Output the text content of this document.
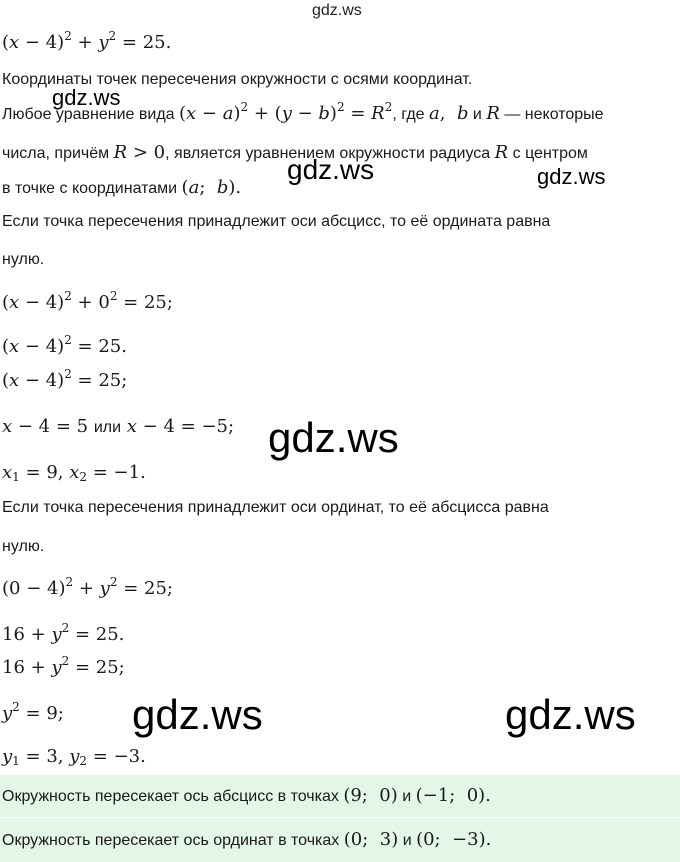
gdz.ws
$(x - 4)^2 + y^2 = 25$.
Координаты точек пересечения окружности с осями координат.
gdz.ws
Любое уравнение вида $(x - a)^2 + (y - b)^2 = R^2$, где a,  b и R — некоторые
числа, причём R > 0, является уравнением окружности радиуса R с центром
gdz.ws	gdz.ws
в точке с координатами (a;  b).
Если точка пересечения принадлежит оси абсцисс, то её ордината равна
нулю.
$(x - 4)^2 + 0^2 = 25$;
$(x - 4)^2 = 25$.
$(x - 4)^2 = 25$;
x − 4 = 5 или x − 4 = −5; gdz.ws
$x_1 = 9$, $x_2 = -1$.
Если точка пересечения принадлежит оси ординат, то её абсцисса равна
нулю.
$(0 - 4)^2 + y^2 = 25$;
$16 + y^2 = 25$.
$16 + y^2 = 25$;
$y^2 = 9$;	gdz.ws	gdz.ws
$y_1 = 3$, $y_2 = -3$.
Окружность пересекает ось абсцисс в точках (9;  0) и (−1;  0).
Окружность пересекает ось ординат в точках (0;  3) и (0;  −3).
